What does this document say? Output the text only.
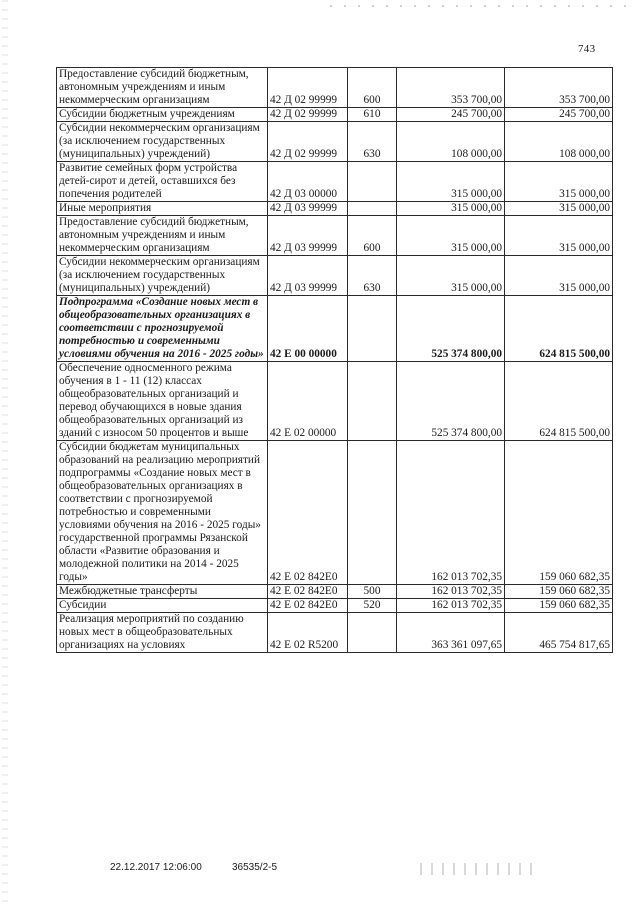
743
Предоставление субсидий бюджетным, автономным учреждениям и иным некоммерческим организациям	42 Д 02 99999	600	353 700,00	353 700,00
Субсидии бюджетным учреждениям	42 Д 02 99999	610	245 700,00	245 700,00
Субсидии некоммерческим организациям (за исключением государственных (муниципальных) учреждений)	42 Д 02 99999	630	108 000,00	108 000,00
Развитие семейных форм устройства детей-сирот и детей, оставшихся без попечения родителей	42 Д 03 00000		315 000,00	315 000,00
Иные мероприятия	42 Д 03 99999		315 000,00	315 000,00
Предоставление субсидий бюджетным, автономным учреждениям и иным некоммерческим организациям	42 Д 03 99999	600	315 000,00	315 000,00
Субсидии некоммерческим организациям (за исключением государственных (муниципальных) учреждений)	42 Д 03 99999	630	315 000,00	315 000,00
Подпрограмма «Создание новых мест в общеобразовательных организациях в соответствии с прогнозируемой потребностью и современными условиями обучения на 2016 - 2025 годы»	42 Е 00 00000		525 374 800,00	624 815 500,00
Обеспечение односменного режима обучения в 1 - 11 (12) классах общеобразовательных организаций и перевод обучающихся в новые здания общеобразовательных организаций из зданий с износом 50 процентов и выше	42 Е 02 00000		525 374 800,00	624 815 500,00
Субсидии бюджетам муниципальных образований на реализацию мероприятий подпрограммы «Создание новых мест в общеобразовательных организациях в соответствии с прогнозируемой потребностью и современными условиями обучения на 2016 - 2025 годы» государственной программы Рязанской области «Развитие образования и молодежной политики на 2014 - 2025 годы»	42 Е 02 842Е0		162 013 702,35	159 060 682,35
Межбюджетные трансферты	42 Е 02 842Е0	500	162 013 702,35	159 060 682,35
Субсидии	42 Е 02 842Е0	520	162 013 702,35	159 060 682,35
Реализация мероприятий по созданию новых мест в общеобразовательных организациях на условиях	42 Е 02 R5200		363 361 097,65	465 754 817,65
22.12.2017 12:06:00	36535/2-5
